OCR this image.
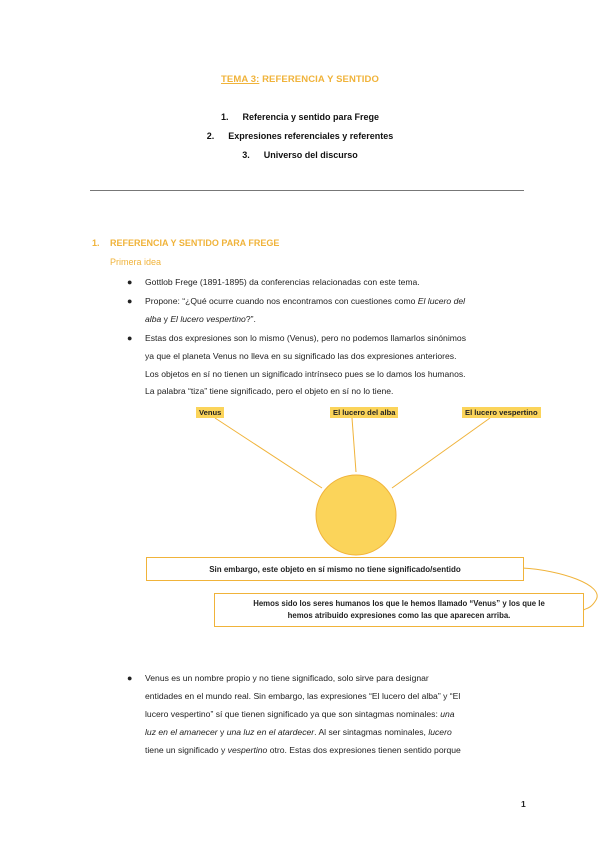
TEMA 3: REFERENCIA Y SENTIDO
1. Referencia y sentido para Frege
2. Expresiones referenciales y referentes
3. Universo del discurso
1. REFERENCIA Y SENTIDO PARA FREGE
Primera idea
● Gottlob Frege (1891-1895) da conferencias relacionadas con este tema.
● Propone: “¿Qué ocurre cuando nos encontramos con cuestiones como El lucero del
alba y El lucero vespertino?”.
● Estas dos expresiones son lo mismo (Venus), pero no podemos llamarlos sinónimos
ya que el planeta Venus no lleva en su significado las dos expresiones anteriores.
Los objetos en sí no tienen un significado intrínseco pues se lo damos los humanos.
La palabra “tiza” tiene significado, pero el objeto en sí no lo tiene.
Venus	El lucero del alba	El lucero vespertino
Sin embargo, este objeto en sí mismo no tiene significado/sentido
Hemos sido los seres humanos los que le hemos llamado “Venus” y los que le
hemos atribuido expresiones como las que aparecen arriba.
● Venus es un nombre propio y no tiene significado, solo sirve para designar
entidades en el mundo real. Sin embargo, las expresiones “El lucero del alba” y “El
lucero vespertino” sí que tienen significado ya que son sintagmas nominales: una
luz en el amanecer y una luz en el atardecer. Al ser sintagmas nominales, lucero
tiene un significado y vespertino otro. Estas dos expresiones tienen sentido porque
1
